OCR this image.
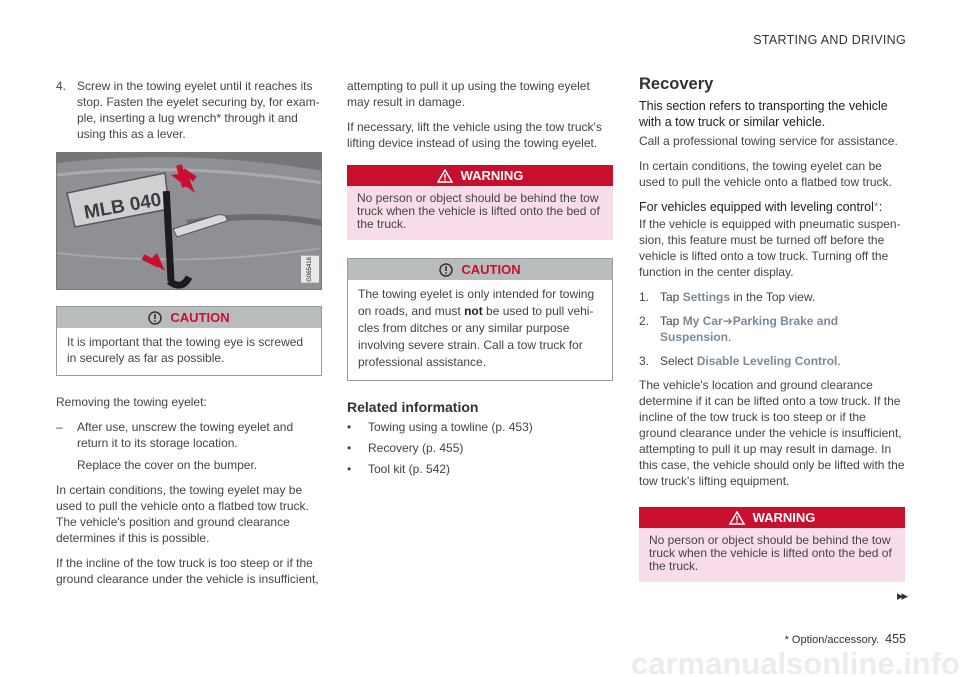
STARTING AND DRIVING
4. Screw in the towing eyelet until it reaches its stop. Fasten the eyelet securing by, for exam-ple, inserting a lug wrench* through it and using this as a lever.
MLB 040
G065416
CAUTION
It is important that the towing eye is screwed in securely as far as possible.

Removing the towing eyelet:

–	After use, unscrew the towing eyelet and return it to its storage location.
Replace the cover on the bumper.

In certain conditions, the towing eyelet may be used to pull the vehicle onto a flatbed tow truck. The vehicle's position and ground clearance determines if this is possible.

If the incline of the tow truck is too steep or if the ground clearance under the vehicle is insufficient,

attempting to pull it up using the towing eyelet may result in damage.

If necessary, lift the vehicle using the tow truck's lifting device instead of using the towing eyelet.

WARNING
No person or object should be behind the tow truck when the vehicle is lifted onto the bed of the truck.
CAUTION
The towing eyelet is only intended for towing on roads, and must not be used to pull vehi-cles from ditches or any similar purpose involving severe strain. Call a tow truck for professional assistance.
Related information
•	Towing using a towline (p. 453)
•	Recovery (p. 455)
•	Tool kit (p. 542)
Recovery
This section refers to transporting the vehicle with a tow truck or similar vehicle.

Call a professional towing service for assistance.

In certain conditions, the towing eyelet can be used to pull the vehicle onto a flatbed tow truck.

For vehicles equipped with leveling control*:

If the vehicle is equipped with pneumatic suspen-sion, this feature must be turned off before the vehicle is lifted onto a tow truck. Turning off the function in the center display.

1. Tap Settings in the Top view.
2. Tap My Car➔Parking Brake and Suspension.
3. Select Disable Leveling Control.

The vehicle's location and ground clearance determine if it can be lifted onto a tow truck. If the incline of the tow truck is too steep or if the ground clearance under the vehicle is insufficient, attempting to pull it up may result in damage. In this case, the vehicle should only be lifted with the tow truck's lifting equipment.

WARNING
No person or object should be behind the tow truck when the vehicle is lifted onto the bed of the truck.
▸▸
* Option/accessory. 455
carmanualsonline.info
